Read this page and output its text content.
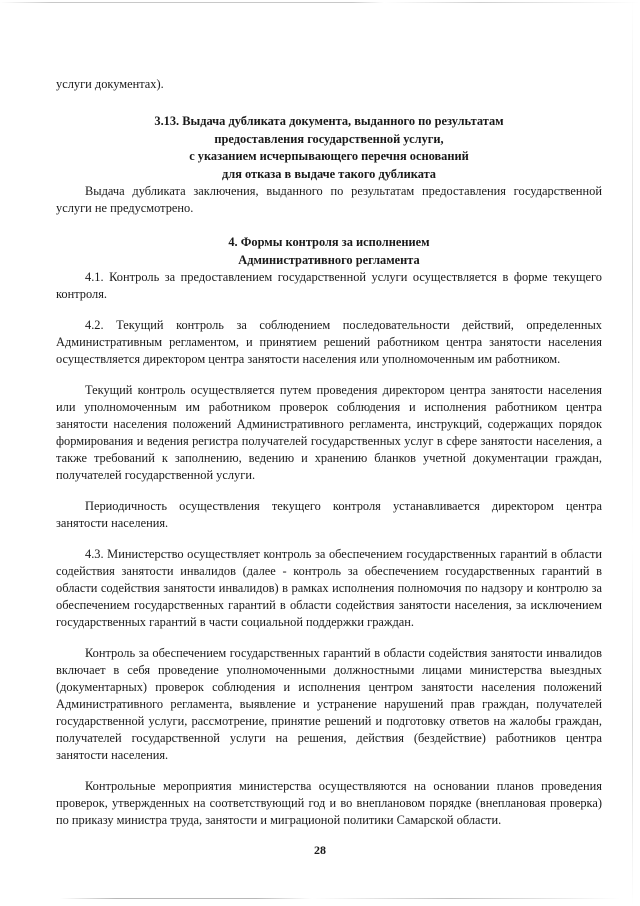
услуги документах).

3.13. Выдача дубликата документа, выданного по результатам
предоставления государственной услуги,
с указанием исчерпывающего перечня оснований
для отказа в выдаче такого дубликата

Выдача дубликата заключения, выданного по результатам предоставления государственной услуги не предусмотрено.

4. Формы контроля за исполнением
Административного регламента

4.1. Контроль за предоставлением государственной услуги осуществляется в форме текущего контроля.

4.2. Текущий контроль за соблюдением последовательности действий, определенных Административным регламентом, и принятием решений работником центра занятости населения осуществляется директором центра занятости населения или уполномоченным им работником.

Текущий контроль осуществляется путем проведения директором центра занятости населения или уполномоченным им работником проверок соблюдения и исполнения работником центра занятости населения положений Административного регламента, инструкций, содержащих порядок формирования и ведения регистра получателей государственных услуг в сфере занятости населения, а также требований к заполнению, ведению и хранению бланков учетной документации граждан, получателей государственной услуги.

Периодичность осуществления текущего контроля устанавливается директором центра занятости населения.

4.3. Министерство осуществляет контроль за обеспечением государственных гарантий в области содействия занятости инвалидов (далее - контроль за обеспечением государственных гарантий в области содействия занятости инвалидов) в рамках исполнения полномочия по надзору и контролю за обеспечением государственных гарантий в области содействия занятости населения, за исключением государственных гарантий в части социальной поддержки граждан.

Контроль за обеспечением государственных гарантий в области содействия занятости инвалидов включает в себя проведение уполномоченными должностными лицами министерства выездных (документарных) проверок соблюдения и исполнения центром занятости населения положений Административного регламента, выявление и устранение нарушений прав граждан, получателей государственной услуги, рассмотрение, принятие решений и подготовку ответов на жалобы граждан, получателей государственной услуги на решения, действия (бездействие) работников центра занятости населения.

Контрольные мероприятия министерства осуществляются на основании планов проведения проверок, утвержденных на соответствующий год и во внеплановом порядке (внеплановая проверка) по приказу министра труда, занятости и миграционой политики Самарской области.

28
